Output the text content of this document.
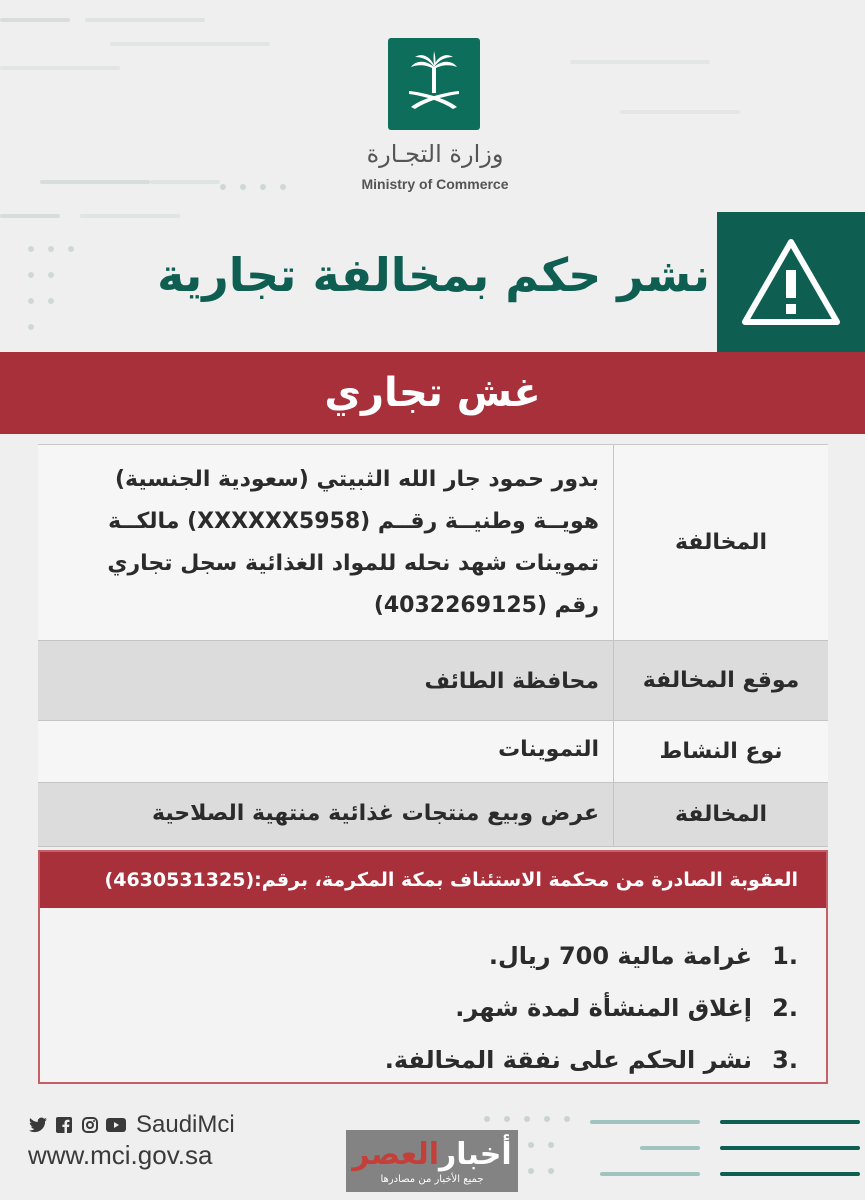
وزارة التجـارة
Ministry of Commerce
نشر حكم بمخالفة تجارية
غش تجاري
المخالفة
بدور حمود جار الله الثبيتي (سعودية الجنسية)
هويــة وطنيــة رقــم (XXXXXX5958) مالكــة
تموينات شهد نحله للمواد الغذائية سجل تجاري
رقم (4032269125)
موقع المخالفة
محافظة الطائف
نوع النشاط
التموينات
المخالفة
عرض وبيع منتجات غذائية منتهية الصلاحية
العقوبة الصادرة من محكمة الاستئناف بمكة المكرمة، برقم:(4630531325)
1.
غرامة مالية 700 ريال.
2.
إغلاق المنشأة لمدة شهر.
3.
نشر الحكم على نفقة المخالفة.
SaudiMci
www.mci.gov.sa	أخبارالعصر
جميع الأخبار من مصادرها
